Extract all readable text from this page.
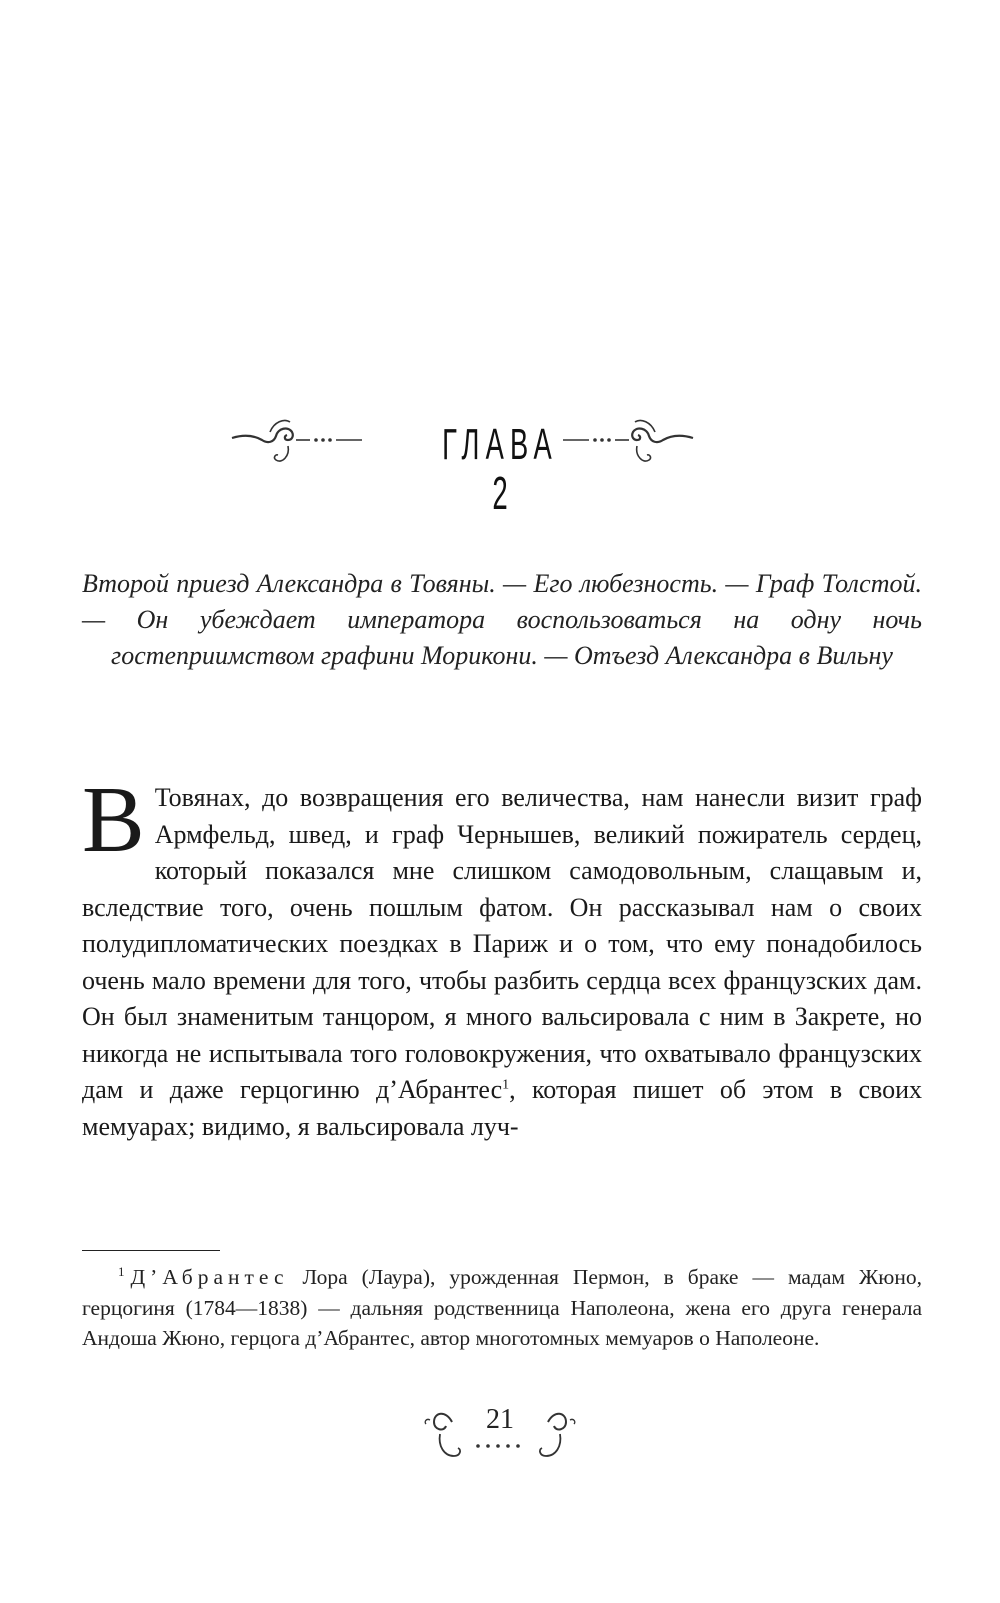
ГЛАВА
2
Второй приезд Александра в Товяны. — Его любезность. — Граф Толстой. — Он убеждает императора воспользоваться на одну ночь гостеприимством графини Морикони. — Отъезд Александра в Вильну
В Товянах, до возвращения его величества, нам нанесли визит граф Армфельд, швед, и граф Чернышев, великий пожиратель сердец, который показался мне слишком самодовольным, слащавым и, вследствие того, очень пошлым фатом. Он рассказывал нам о своих полудипломатических поездках в Париж и о том, что ему понадобилось очень мало времени для того, чтобы разбить сердца всех французских дам. Он был знаменитым танцором, я много вальсировала с ним в Закрете, но никогда не испытывала того головокружения, что охватывало французских дам и даже герцогиню д’Абрантес$^1$, которая пишет об этом в своих мемуарах; видимо, я вальсировала луч-
$^1$ Д’Абрантес Лора (Лаура), урожденная Пермон, в браке — мадам Жюно, герцогиня (1784—1838) — дальняя родственница Наполеона, жена его друга генерала Андоша Жюно, герцога д’Абрантес, автор многотомных мемуаров о Наполеоне.
21
